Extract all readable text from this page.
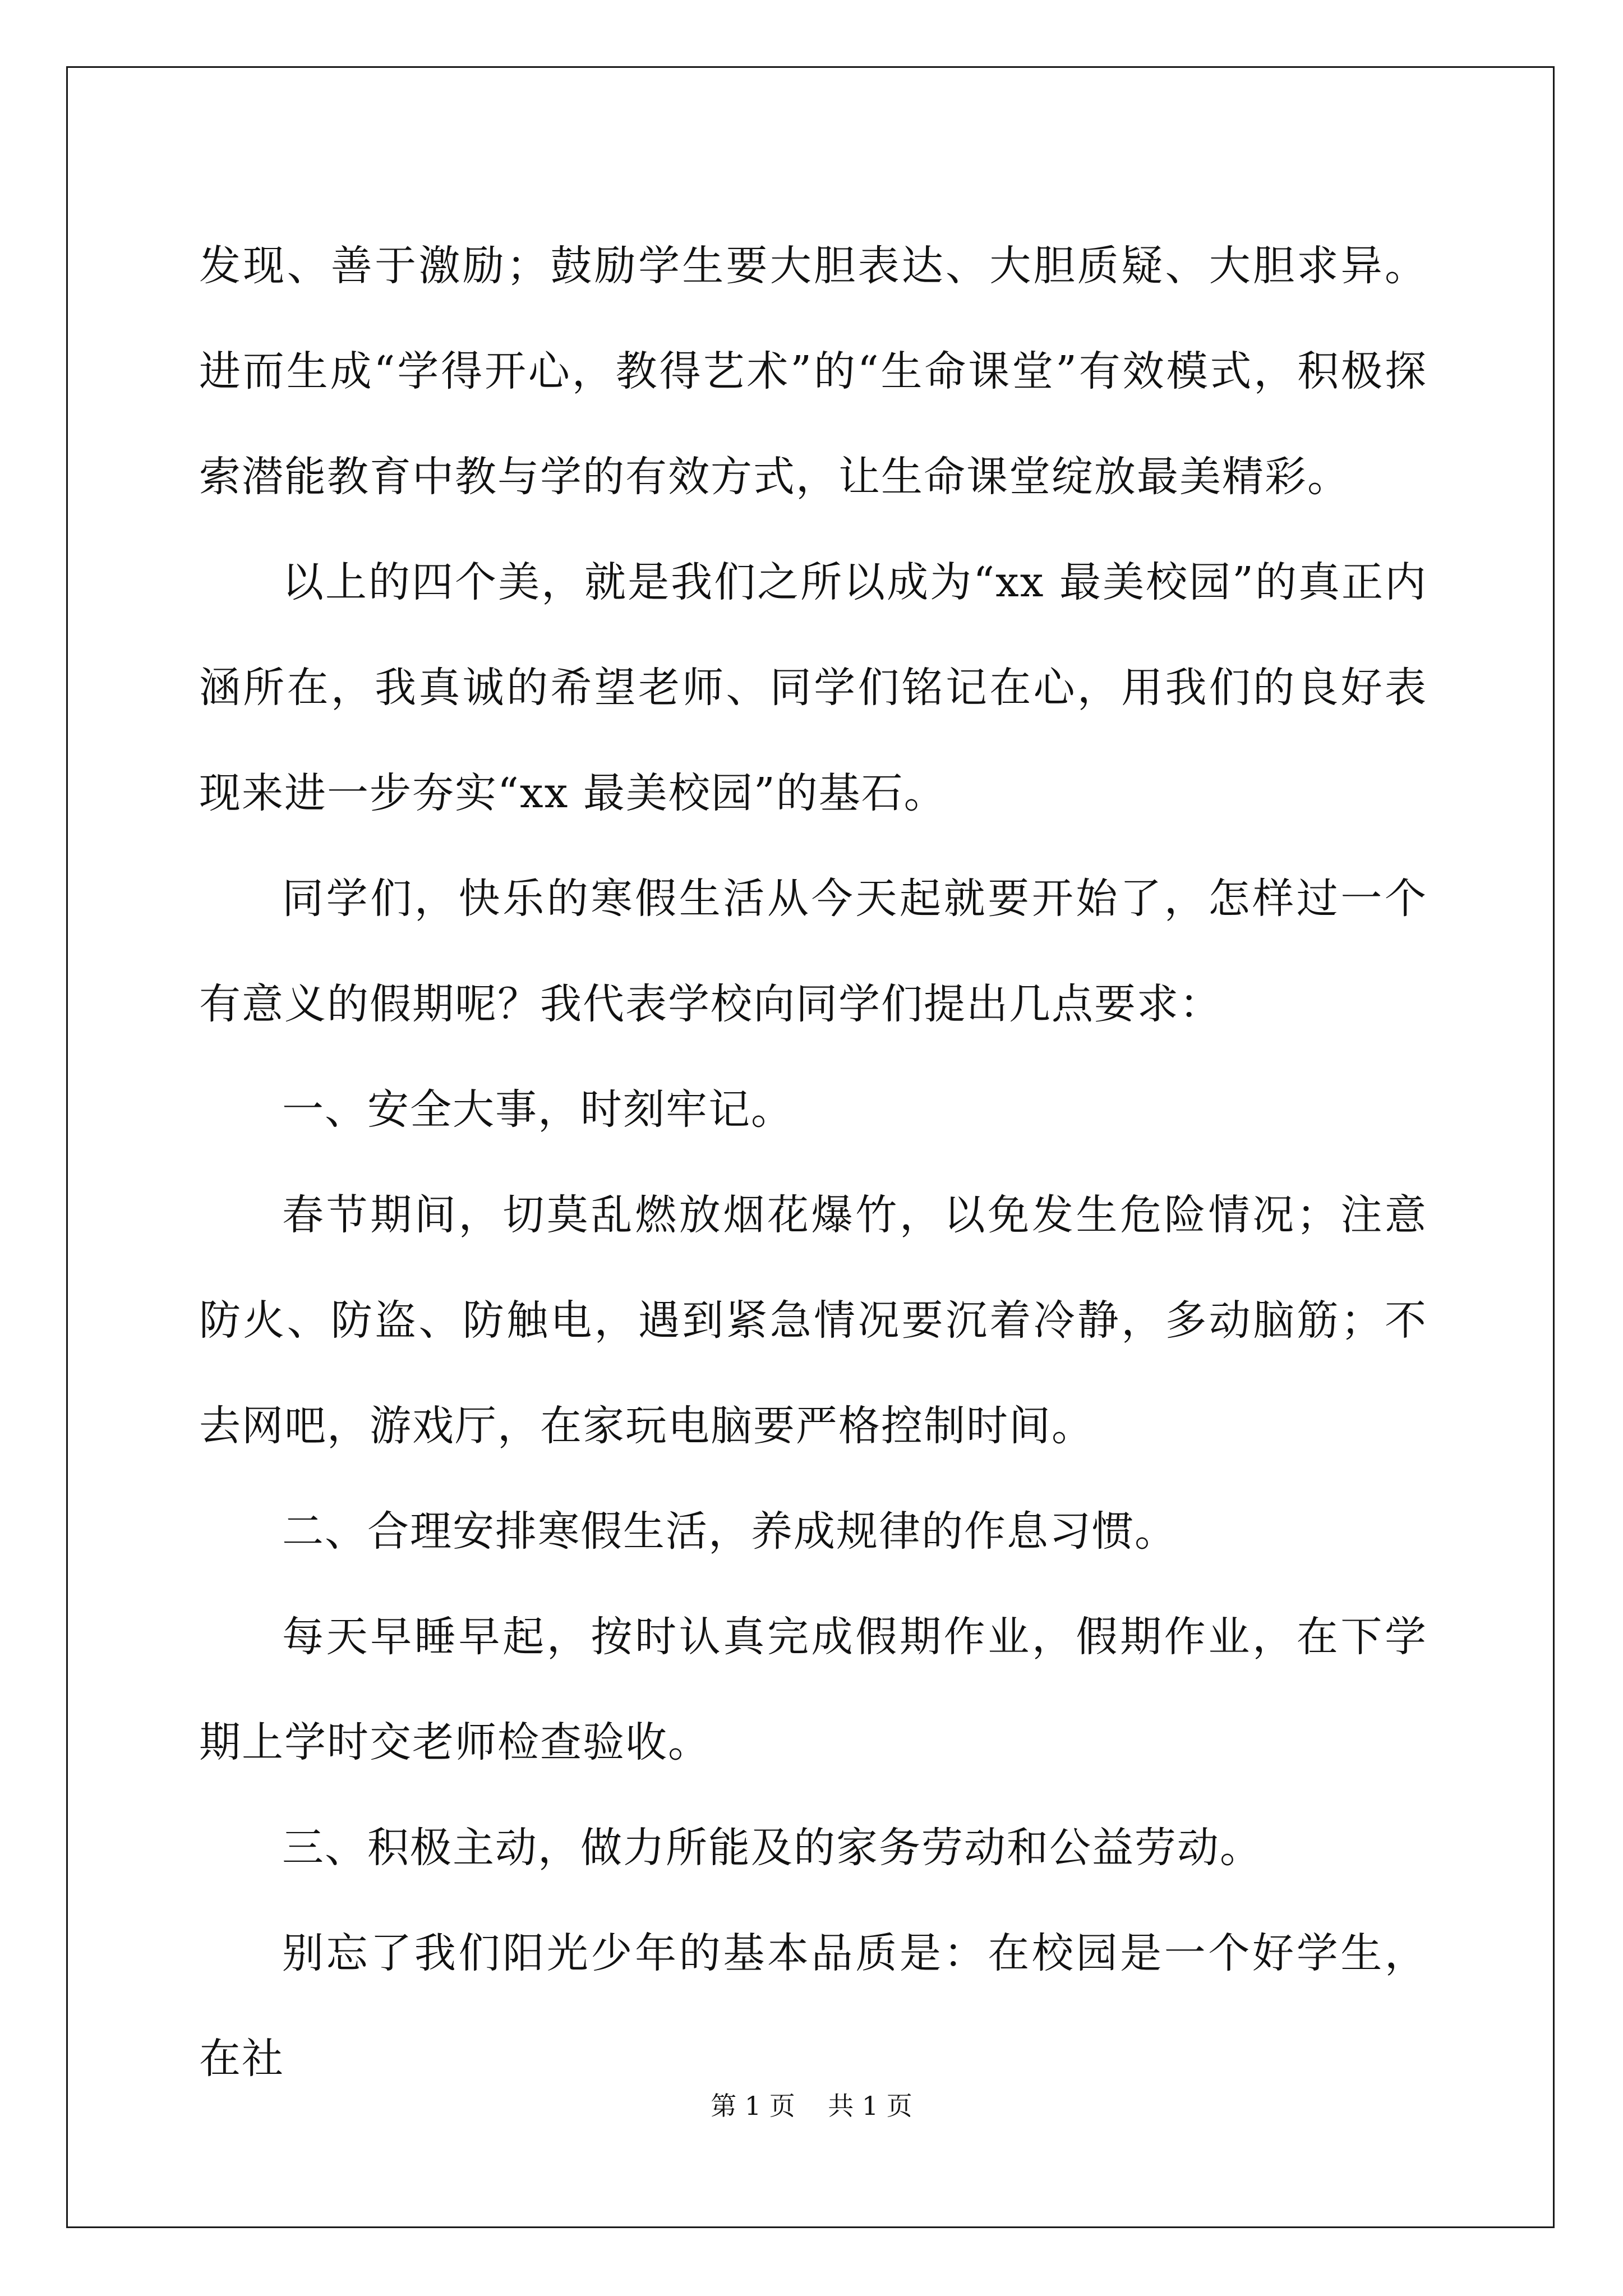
发现、善于激励；鼓励学生要大胆表达、大胆质疑、大胆求异。进而生成“学得开心，教得艺术”的“生命课堂”有效模式，积极探索潜能教育中教与学的有效方式，让生命课堂绽放最美精彩。

以上的四个美，就是我们之所以成为“xx 最美校园”的真正内涵所在，我真诚的希望老师、同学们铭记在心，用我们的良好表现来进一步夯实“xx 最美校园”的基石。

同学们，快乐的寒假生活从今天起就要开始了，怎样过一个有意义的假期呢？我代表学校向同学们提出几点要求：

一、安全大事，时刻牢记。

春节期间，切莫乱燃放烟花爆竹，以免发生危险情况；注意防火、防盗、防触电，遇到紧急情况要沉着冷静，多动脑筋；不去网吧，游戏厅，在家玩电脑要严格控制时间。

二、合理安排寒假生活，养成规律的作息习惯。

每天早睡早起，按时认真完成假期作业，假期作业，在下学期上学时交老师检查验收。

三、积极主动，做力所能及的家务劳动和公益劳动。

别忘了我们阳光少年的基本品质是：在校园是一个好学生，在社

第 1 页    共 1 页
